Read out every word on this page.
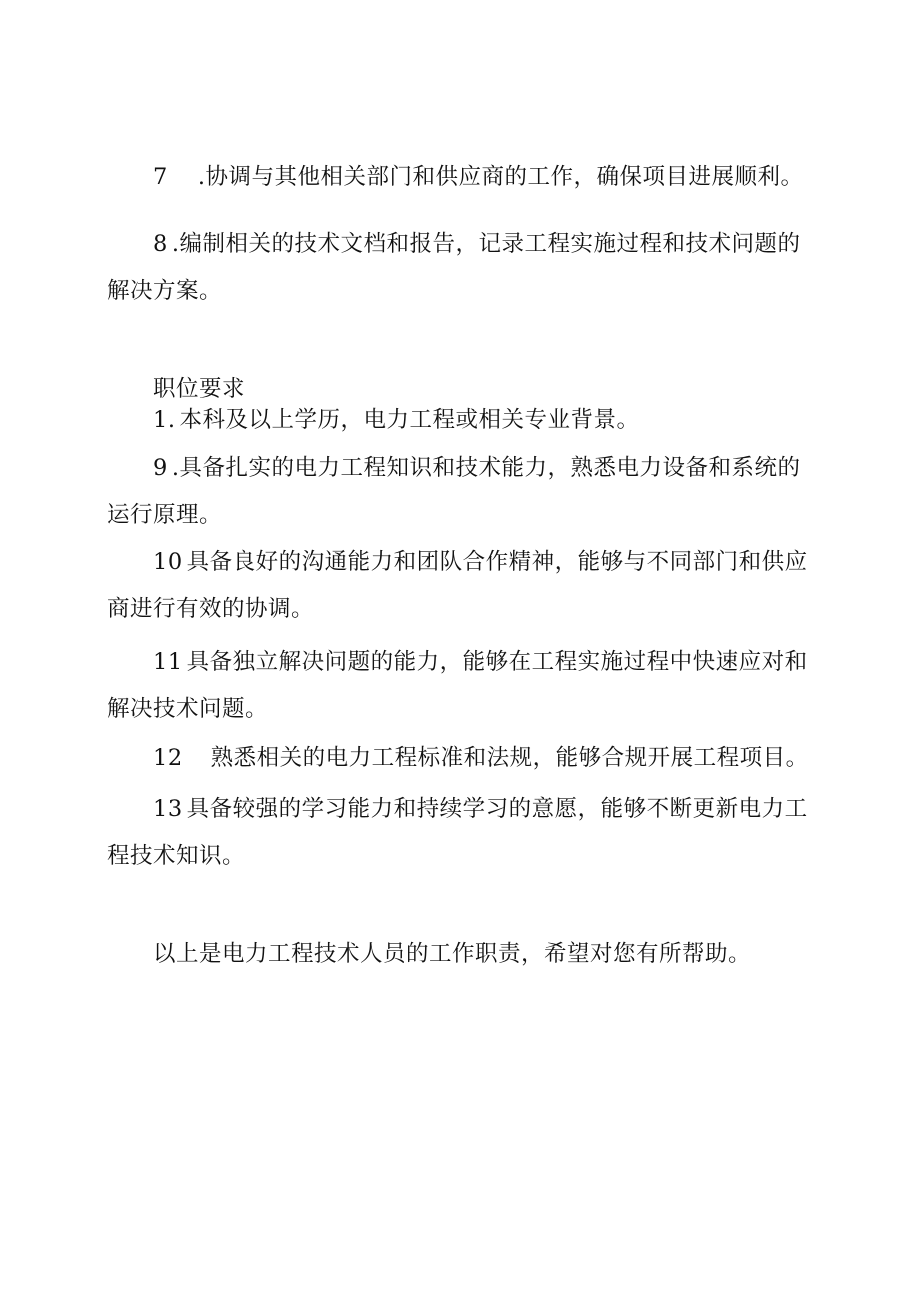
7 .协调与其他相关部门和供应商的工作，确保项目进展顺利。
8 .编制相关的技术文档和报告，记录工程实施过程和技术问题的
解决方案。
职位要求
1. 本科及以上学历，电力工程或相关专业背景。
9 .具备扎实的电力工程知识和技术能力，熟悉电力设备和系统的
运行原理。
10 具备良好的沟通能力和团队合作精神，能够与不同部门和供应
商进行有效的协调。
11 具备独立解决问题的能力，能够在工程实施过程中快速应对和
解决技术问题。
12 熟悉相关的电力工程标准和法规，能够合规开展工程项目。
13 具备较强的学习能力和持续学习的意愿，能够不断更新电力工
程技术知识。
以上是电力工程技术人员的工作职责，希望对您有所帮助。
